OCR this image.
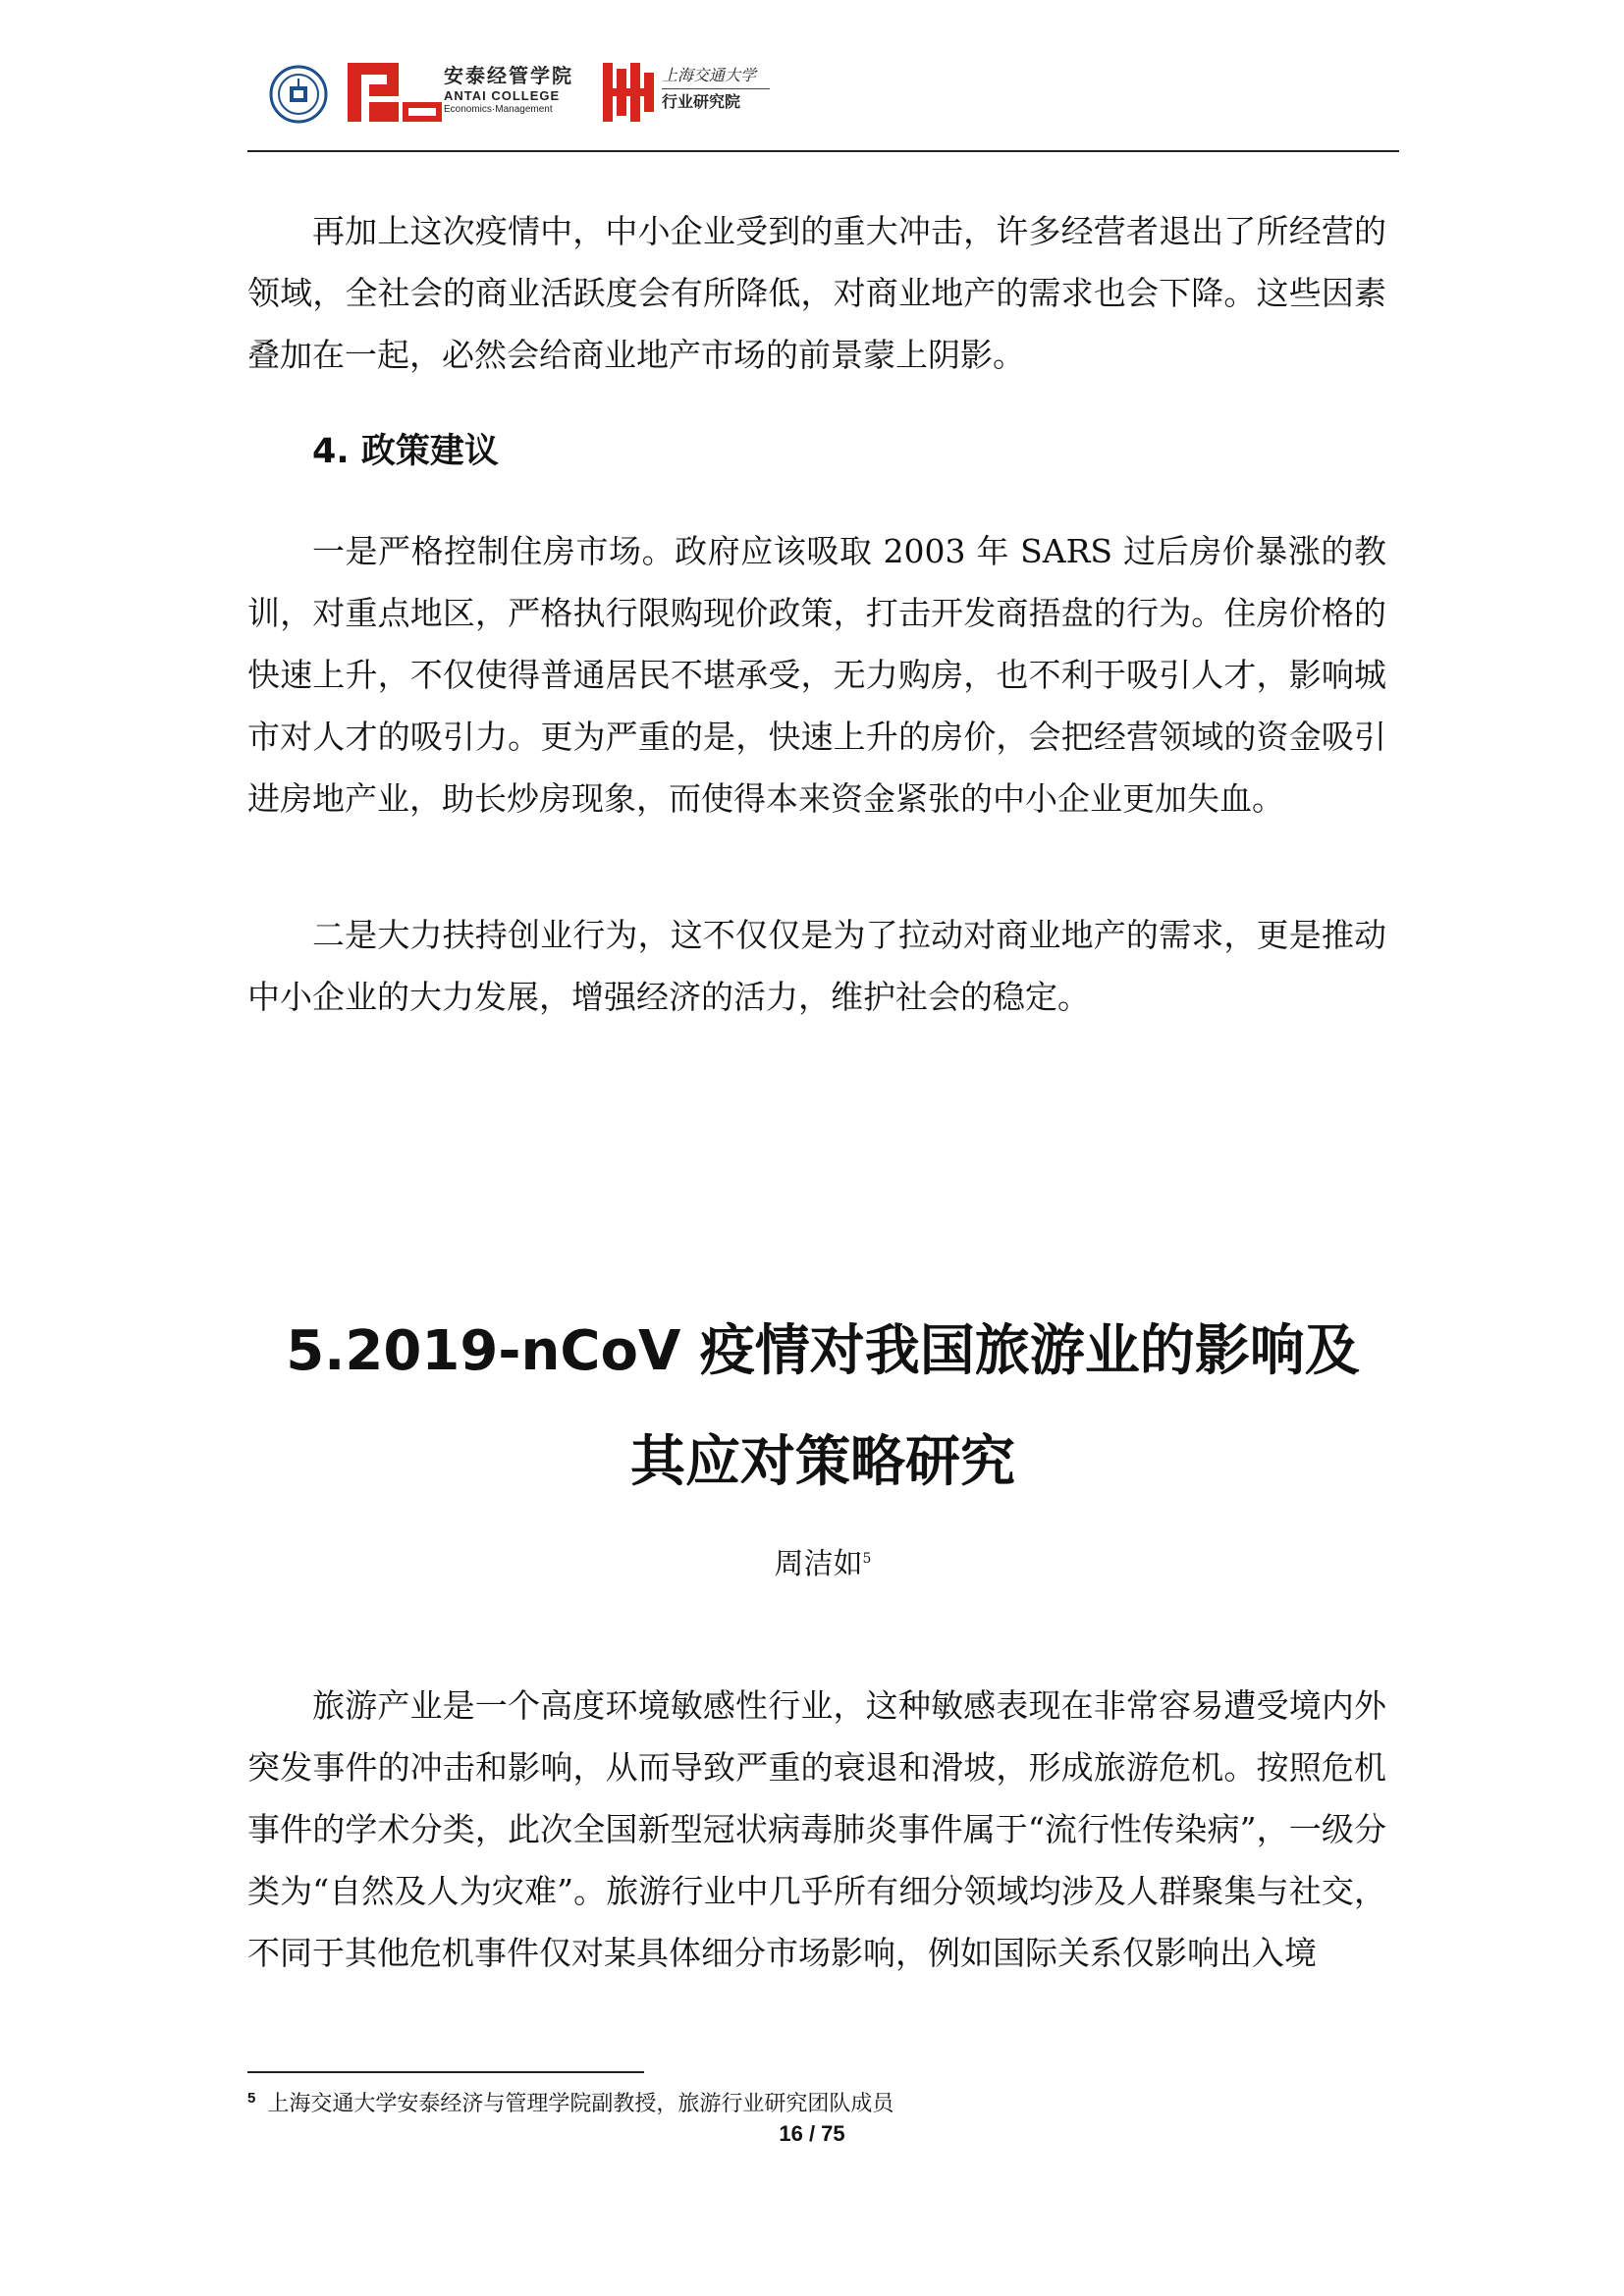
安泰经管学院
ANTAI COLLEGE
Economics·Management
上海交通大学
行业研究院

再加上这次疫情中，中小企业受到的重大冲击，许多经营者退出了所经营的领域，全社会的商业活跃度会有所降低，对商业地产的需求也会下降。这些因素叠加在一起，必然会给商业地产市场的前景蒙上阴影。

4. 政策建议

一是严格控制住房市场。政府应该吸取 2003 年 SARS 过后房价暴涨的教训，对重点地区，严格执行限购现价政策，打击开发商捂盘的行为。住房价格的快速上升，不仅使得普通居民不堪承受，无力购房，也不利于吸引人才，影响城市对人才的吸引力。更为严重的是，快速上升的房价，会把经营领域的资金吸引进房地产业，助长炒房现象，而使得本来资金紧张的中小企业更加失血。

二是大力扶持创业行为，这不仅仅是为了拉动对商业地产的需求，更是推动中小企业的大力发展，增强经济的活力，维护社会的稳定。

5.2019-nCoV 疫情对我国旅游业的影响及
其应对策略研究
周洁如$^5$

旅游产业是一个高度环境敏感性行业，这种敏感表现在非常容易遭受境内外突发事件的冲击和影响，从而导致严重的衰退和滑坡，形成旅游危机。按照危机事件的学术分类，此次全国新型冠状病毒肺炎事件属于“流行性传染病”，一级分类为“自然及人为灾难”。旅游行业中几乎所有细分领域均涉及人群聚集与社交，不同于其他危机事件仅对某具体细分市场影响，例如国际关系仅影响出入境

$^5$ 上海交通大学安泰经济与管理学院副教授，旅游行业研究团队成员
16 / 75
